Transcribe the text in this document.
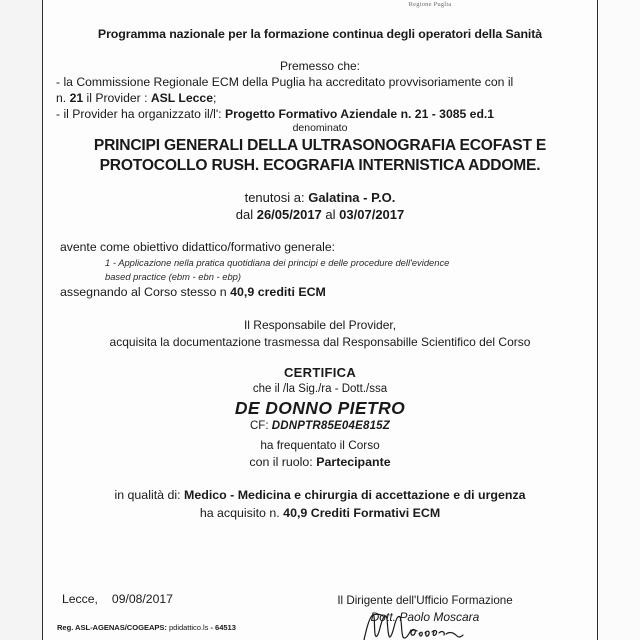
Regione Puglia
Programma nazionale per la formazione continua degli operatori della Sanità
Premesso che:
- la Commissione Regionale ECM della Puglia ha accreditato provvisoriamente con il
n. 21 il Provider : ASL Lecce;
- il Provider ha organizzato il/l': Progetto Formativo Aziendale n. 21 - 3085 ed.1
denominato
PRINCIPI GENERALI DELLA ULTRASONOGRAFIA ECOFAST E
PROTOCOLLO RUSH. ECOGRAFIA INTERNISTICA ADDOME.
tenutosi a: Galatina - P.O.
dal 26/05/2017 al 03/07/2017
avente come obiettivo didattico/formativo generale:
1 - Applicazione nella pratica quotidiana dei principi e delle procedure dell'evidence
based practice (ebm - ebn - ebp)
assegnando al Corso stesso n 40,9 crediti ECM
Il Responsabile del Provider,
acquisita la documentazione trasmessa dal Responsabille Scientifico del Corso
CERTIFICA
che il /la Sig./ra - Dott./ssa
DE DONNO PIETRO
CF: DDNPTR85E04E815Z
ha frequentato il Corso
con il ruolo: Partecipante
in qualità di: Medico - Medicina e chirurgia di accettazione e di urgenza
ha acquisito n. 40,9 Crediti Formativi ECM
Lecce, 09/08/2017
Reg. ASL-AGENAS/COGEAPS: pdidattico.ls - 64513
Il Dirigente dell'Ufficio Formazione
Dott. Paolo Moscara
